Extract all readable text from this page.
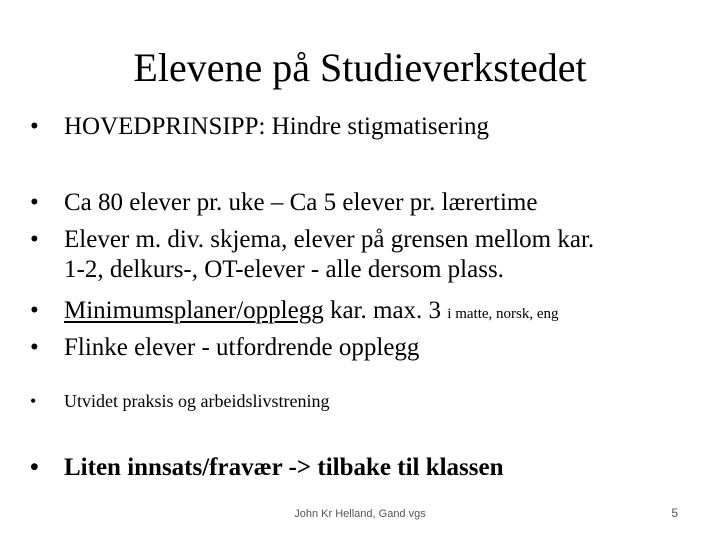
Elevene på Studieverkstedet
• HOVEDPRINSIPP: Hindre stigmatisering
• Ca 80 elever pr. uke – Ca 5 elever pr. lærertime
• Elever m. div. skjema, elever på grensen mellom kar.
1-2, delkurs-, OT-elever - alle dersom plass.
• Minimumsplaner/opplegg kar. max. 3 i matte, norsk, eng
• Flinke elever - utfordrende opplegg
• Utvidet praksis og arbeidslivstrening
• Liten innsats/fravær -> tilbake til klassen
John Kr Helland, Gand vgs	5
